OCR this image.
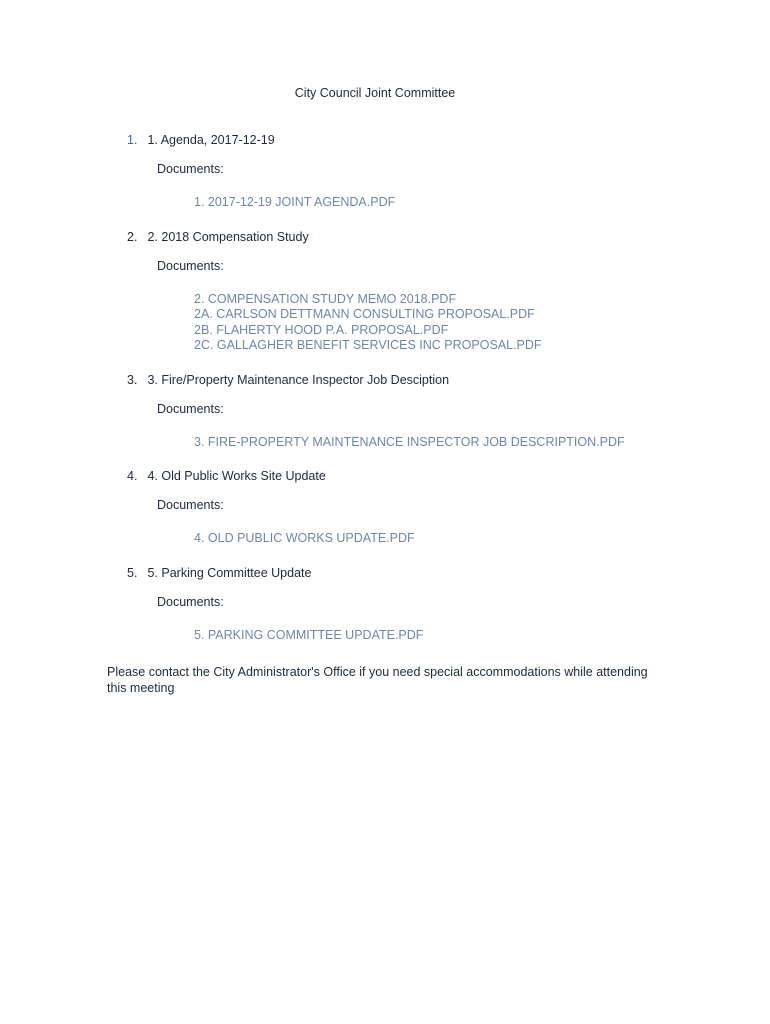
City Council Joint Committee
1. 1. Agenda, 2017-12-19
Documents:
1. 2017-12-19 JOINT AGENDA.PDF
2. 2. 2018 Compensation Study
Documents:
2. COMPENSATION STUDY MEMO 2018.PDF
2A. CARLSON DETTMANN CONSULTING PROPOSAL.PDF
2B. FLAHERTY HOOD P.A. PROPOSAL.PDF
2C. GALLAGHER BENEFIT SERVICES INC PROPOSAL.PDF
3. 3. Fire/Property Maintenance Inspector Job Desciption
Documents:
3. FIRE-PROPERTY MAINTENANCE INSPECTOR JOB DESCRIPTION.PDF
4. 4. Old Public Works Site Update
Documents:
4. OLD PUBLIC WORKS UPDATE.PDF
5. 5. Parking Committee Update
Documents:
5. PARKING COMMITTEE UPDATE.PDF
Please contact the City Administrator's Office if you need special accommodations while attending this meeting
